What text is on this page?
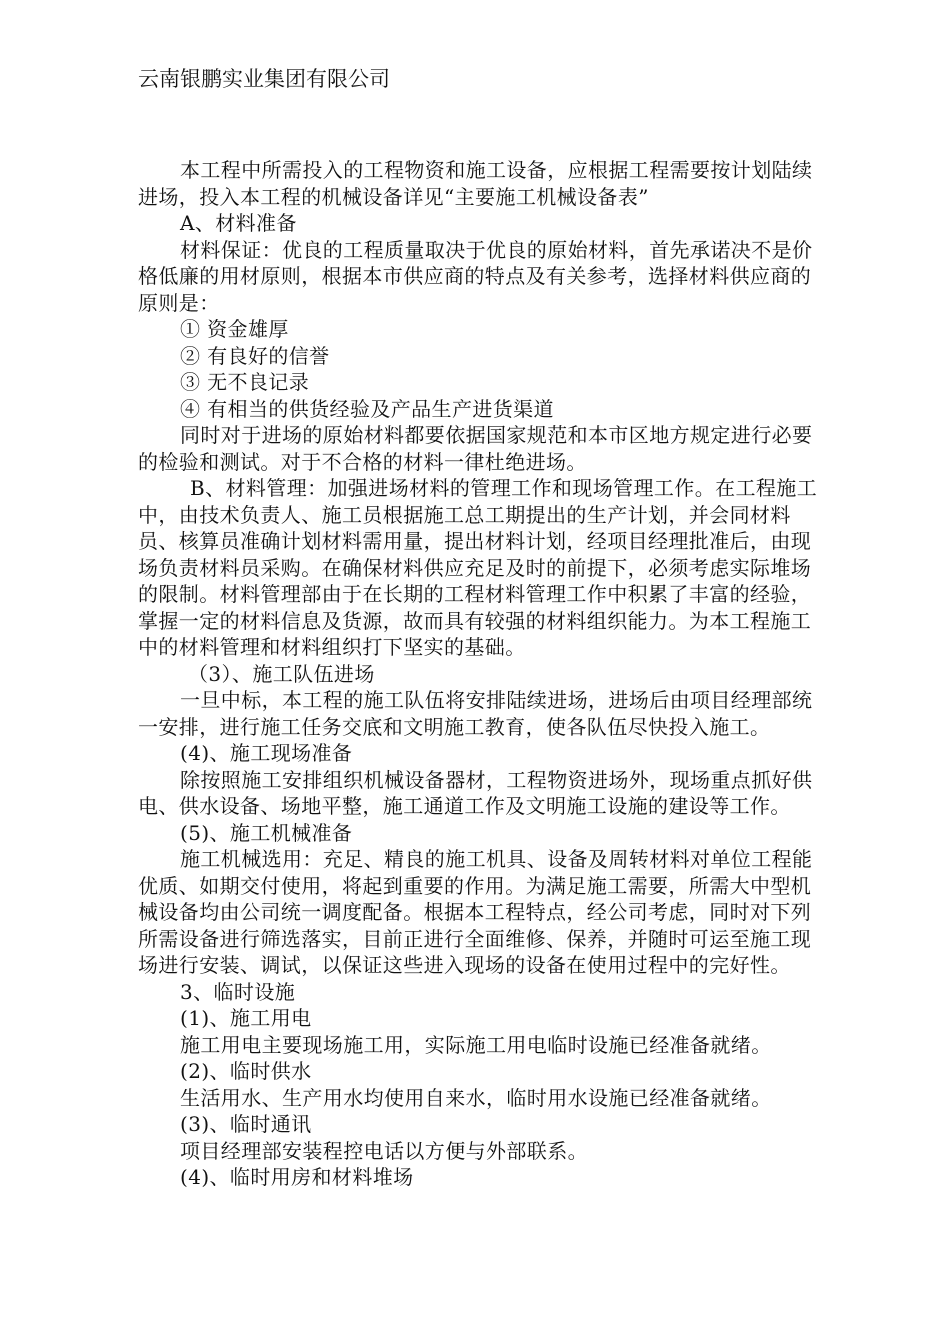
云南银鹏实业集团有限公司

本工程中所需投入的工程物资和施工设备，应根据工程需要按计划陆续进场，投入本工程的机械设备详见“主要施工机械设备表”

A、材料准备

材料保证：优良的工程质量取决于优良的原始材料，首先承诺决不是价格低廉的用材原则，根据本市供应商的特点及有关参考，选择材料供应商的原则是：

① 资金雄厚

② 有良好的信誉

③ 无不良记录

④ 有相当的供货经验及产品生产进货渠道

同时对于进场的原始材料都要依据国家规范和本市区地方规定进行必要的检验和测试。对于不合格的材料一律杜绝进场。

B、材料管理：加强进场材料的管理工作和现场管理工作。在工程施工中，由技术负责人、施工员根据施工总工期提出的生产计划，并会同材料员、核算员准确计划材料需用量，提出材料计划，经项目经理批准后，由现场负责材料员采购。在确保材料供应充足及时的前提下，必须考虑实际堆场的限制。材料管理部由于在长期的工程材料管理工作中积累了丰富的经验，掌握一定的材料信息及货源，故而具有较强的材料组织能力。为本工程施工中的材料管理和材料组织打下坚实的基础。

（3）、施工队伍进场

一旦中标，本工程的施工队伍将安排陆续进场，进场后由项目经理部统一安排，进行施工任务交底和文明施工教育，使各队伍尽快投入施工。

(4)、施工现场准备

除按照施工安排组织机械设备器材，工程物资进场外，现场重点抓好供电、供水设备、场地平整，施工通道工作及文明施工设施的建设等工作。

(5)、施工机械准备

施工机械选用：充足、精良的施工机具、设备及周转材料对单位工程能优质、如期交付使用，将起到重要的作用。为满足施工需要，所需大中型机械设备均由公司统一调度配备。根据本工程特点，经公司考虑，同时对下列所需设备进行筛选落实，目前正进行全面维修、保养，并随时可运至施工现场进行安装、调试，以保证这些进入现场的设备在使用过程中的完好性。

3、临时设施

(1)、施工用电

施工用电主要现场施工用，实际施工用电临时设施已经准备就绪。

(2)、临时供水

生活用水、生产用水均使用自来水，临时用水设施已经准备就绪。

(3)、临时通讯

项目经理部安装程控电话以方便与外部联系。

(4)、临时用房和材料堆场
